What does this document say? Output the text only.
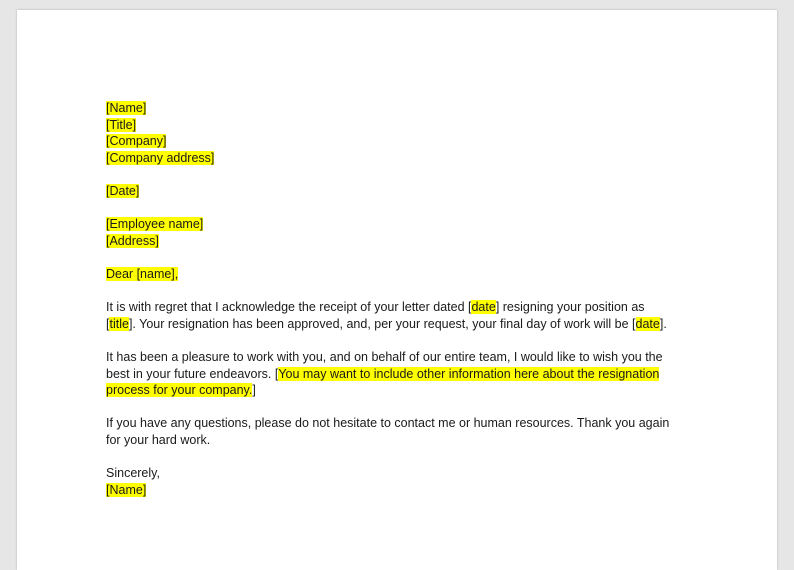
[Name]
[Title]
[Company]
[Company address]
[Date]
[Employee name]
[Address]
Dear [name],
It is with regret that I acknowledge the receipt of your letter dated [date] resigning your position as
[title]. Your resignation has been approved, and, per your request, your final day of work will be [date].
It has been a pleasure to work with you, and on behalf of our entire team, I would like to wish you the
best in your future endeavors. [You may want to include other information here about the resignation
process for your company.]
If you have any questions, please do not hesitate to contact me or human resources. Thank you again
for your hard work.
Sincerely,
[Name]
